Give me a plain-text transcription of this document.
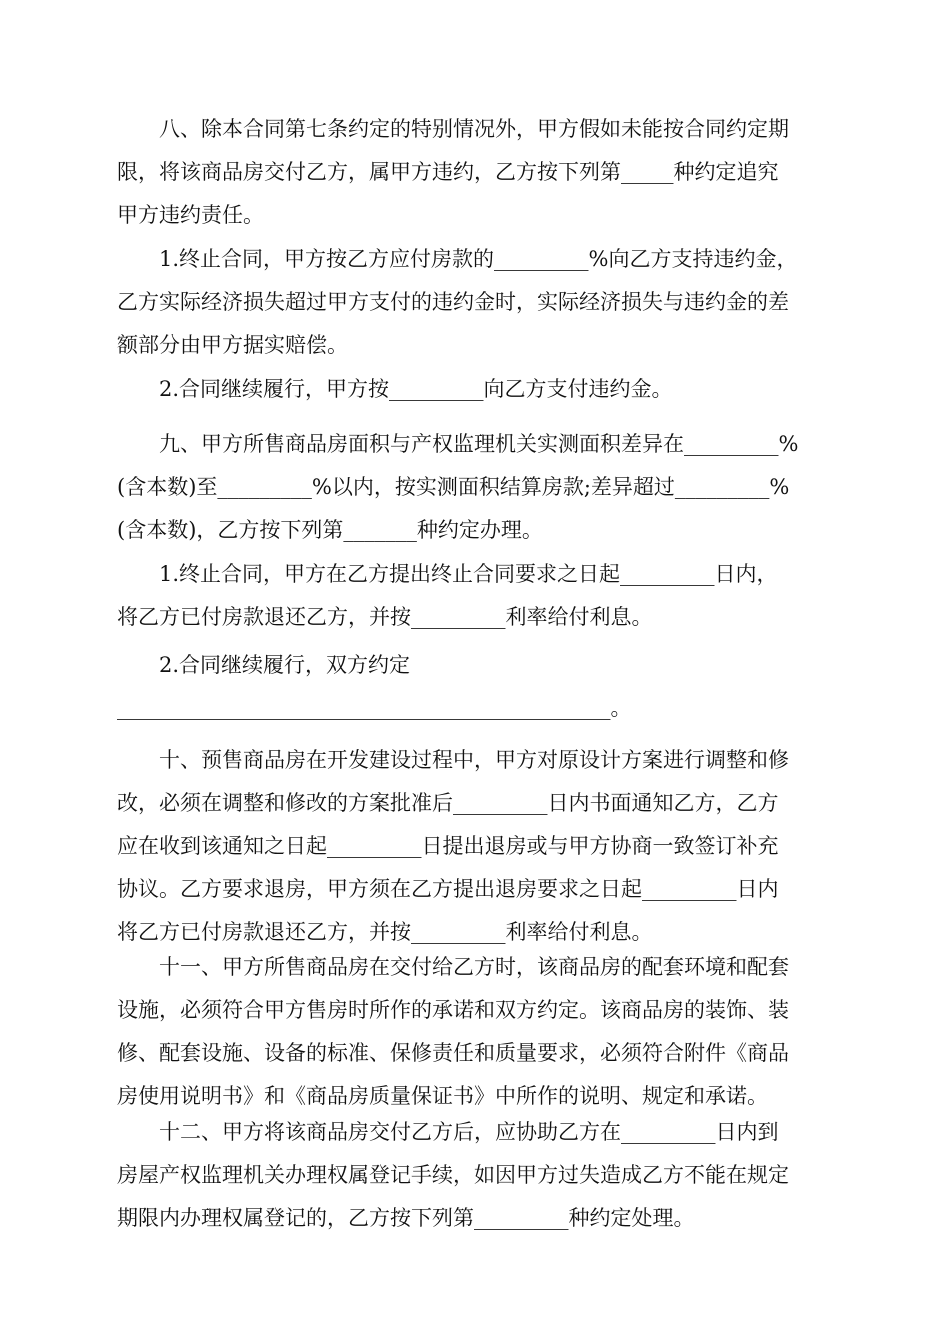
八、除本合同第七条约定的特别情况外，甲方假如未能按合同约定期
限，将该商品房交付乙方，属甲方违约，乙方按下列第_____种约定追究
甲方违约责任。
1.终止合同，甲方按乙方应付房款的_________%向乙方支持违约金，
乙方实际经济损失超过甲方支付的违约金时，实际经济损失与违约金的差
额部分由甲方据实赔偿。
2.合同继续履行，甲方按_________向乙方支付违约金。
九、甲方所售商品房面积与产权监理机关实测面积差异在_________%
(含本数)至_________%以内，按实测面积结算房款;差异超过_________%
(含本数)，乙方按下列第_______种约定办理。
1.终止合同，甲方在乙方提出终止合同要求之日起_________日内，
将乙方已付房款退还乙方，并按_________利率给付利息。
2.合同继续履行，双方约定
_______________________________________________。
十、预售商品房在开发建设过程中，甲方对原设计方案进行调整和修
改，必须在调整和修改的方案批准后_________日内书面通知乙方，乙方
应在收到该通知之日起_________日提出退房或与甲方协商一致签订补充
协议。乙方要求退房，甲方须在乙方提出退房要求之日起_________日内
将乙方已付房款退还乙方，并按_________利率给付利息。
十一、甲方所售商品房在交付给乙方时，该商品房的配套环境和配套
设施，必须符合甲方售房时所作的承诺和双方约定。该商品房的装饰、装
修、配套设施、设备的标准、保修责任和质量要求，必须符合附件《商品
房使用说明书》和《商品房质量保证书》中所作的说明、规定和承诺。
十二、甲方将该商品房交付乙方后，应协助乙方在_________日内到
房屋产权监理机关办理权属登记手续，如因甲方过失造成乙方不能在规定
期限内办理权属登记的，乙方按下列第_________种约定处理。
